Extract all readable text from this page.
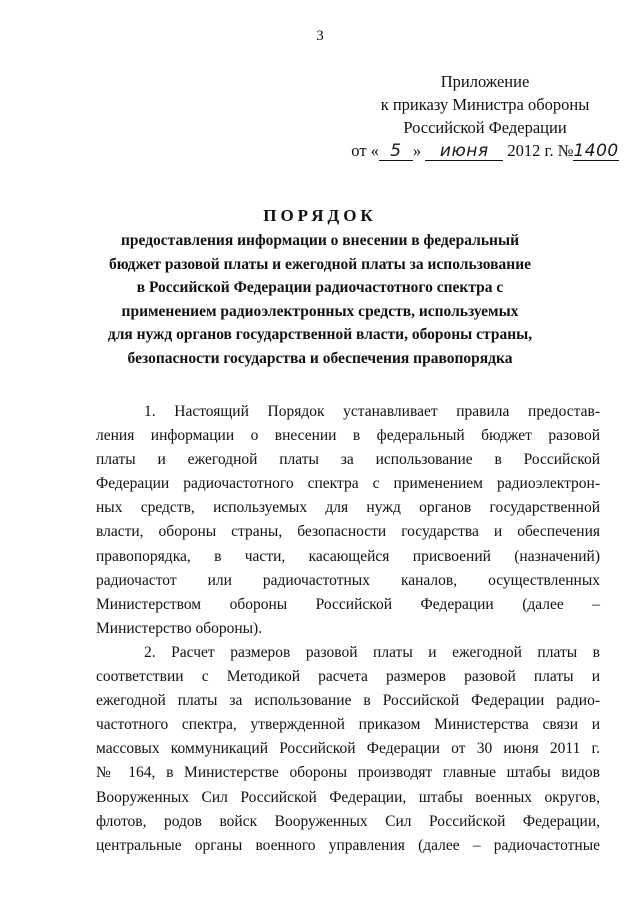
3
Приложение
к приказу Министра обороны
Российской Федерации
от « 5 » июня 2012 г. №1400
ПОРЯДОК
предоставления информации о внесении в федеральный
бюджет разовой платы и ежегодной платы за использование
в Российской Федерации радиочастотного спектра с
применением радиоэлектронных средств, используемых
для нужд органов государственной власти, обороны страны,
безопасности государства и обеспечения правопорядка
1. Настоящий Порядок устанавливает правила предостав-
ления информации о внесении в федеральный бюджет разовой
платы и ежегодной платы за использование в Российской
Федерации радиочастотного спектра с применением радиоэлектрон-
ных средств, используемых для нужд органов государственной
власти, обороны страны, безопасности государства и обеспечения
правопорядка, в части, касающейся присвоений (назначений)
радиочастот или радиочастотных каналов, осуществленных
Министерством обороны Российской Федерации (далее –
Министерство обороны).
2. Расчет размеров разовой платы и ежегодной платы в
соответствии с Методикой расчета размеров разовой платы и
ежегодной платы за использование в Российской Федерации радио-
частотного спектра, утвержденной приказом Министерства связи и
массовых коммуникаций Российской Федерации от 30 июня 2011 г.
№ 164, в Министерстве обороны производят главные штабы видов
Вооруженных Сил Российской Федерации, штабы военных округов,
флотов, родов войск Вооруженных Сил Российской Федерации,
центральные органы военного управления (далее – радиочастотные
